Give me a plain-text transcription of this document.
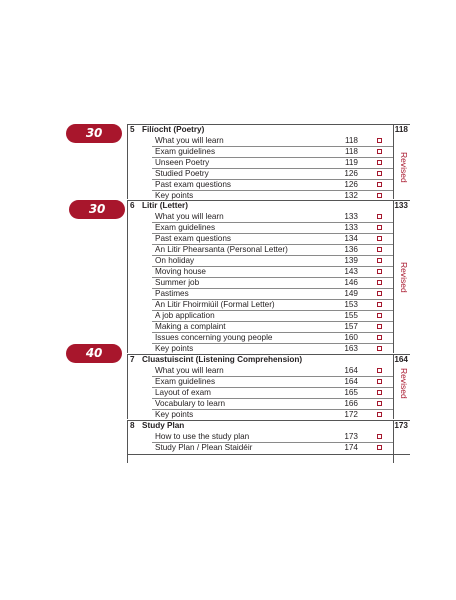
30 marks
30 marks
40 marks
Revised
Revised
Revised
5 Filíocht (Poetry)	118
What you will learn	118
Exam guidelines	118
Unseen Poetry	119
Studied Poetry	126
Past exam questions	126
Key points	132
6 Litir (Letter)	133
What you will learn	133
Exam guidelines	133
Past exam questions	134
An Litir Phearsanta (Personal Letter)	136
On holiday	139
Moving house	143
Summer job	146
Pastimes	149
An Litir Fhoirmiúil (Formal Letter)	153
A job application	155
Making a complaint	157
Issues concerning young people	160
Key points	163
7 Cluastuiscint (Listening Comprehension)	164
What you will learn	164
Exam guidelines	164
Layout of exam	165
Vocabulary to learn	166
Key points	172
8 Study Plan	173
How to use the study plan	173
Study Plan / Plean Staidéir	174
